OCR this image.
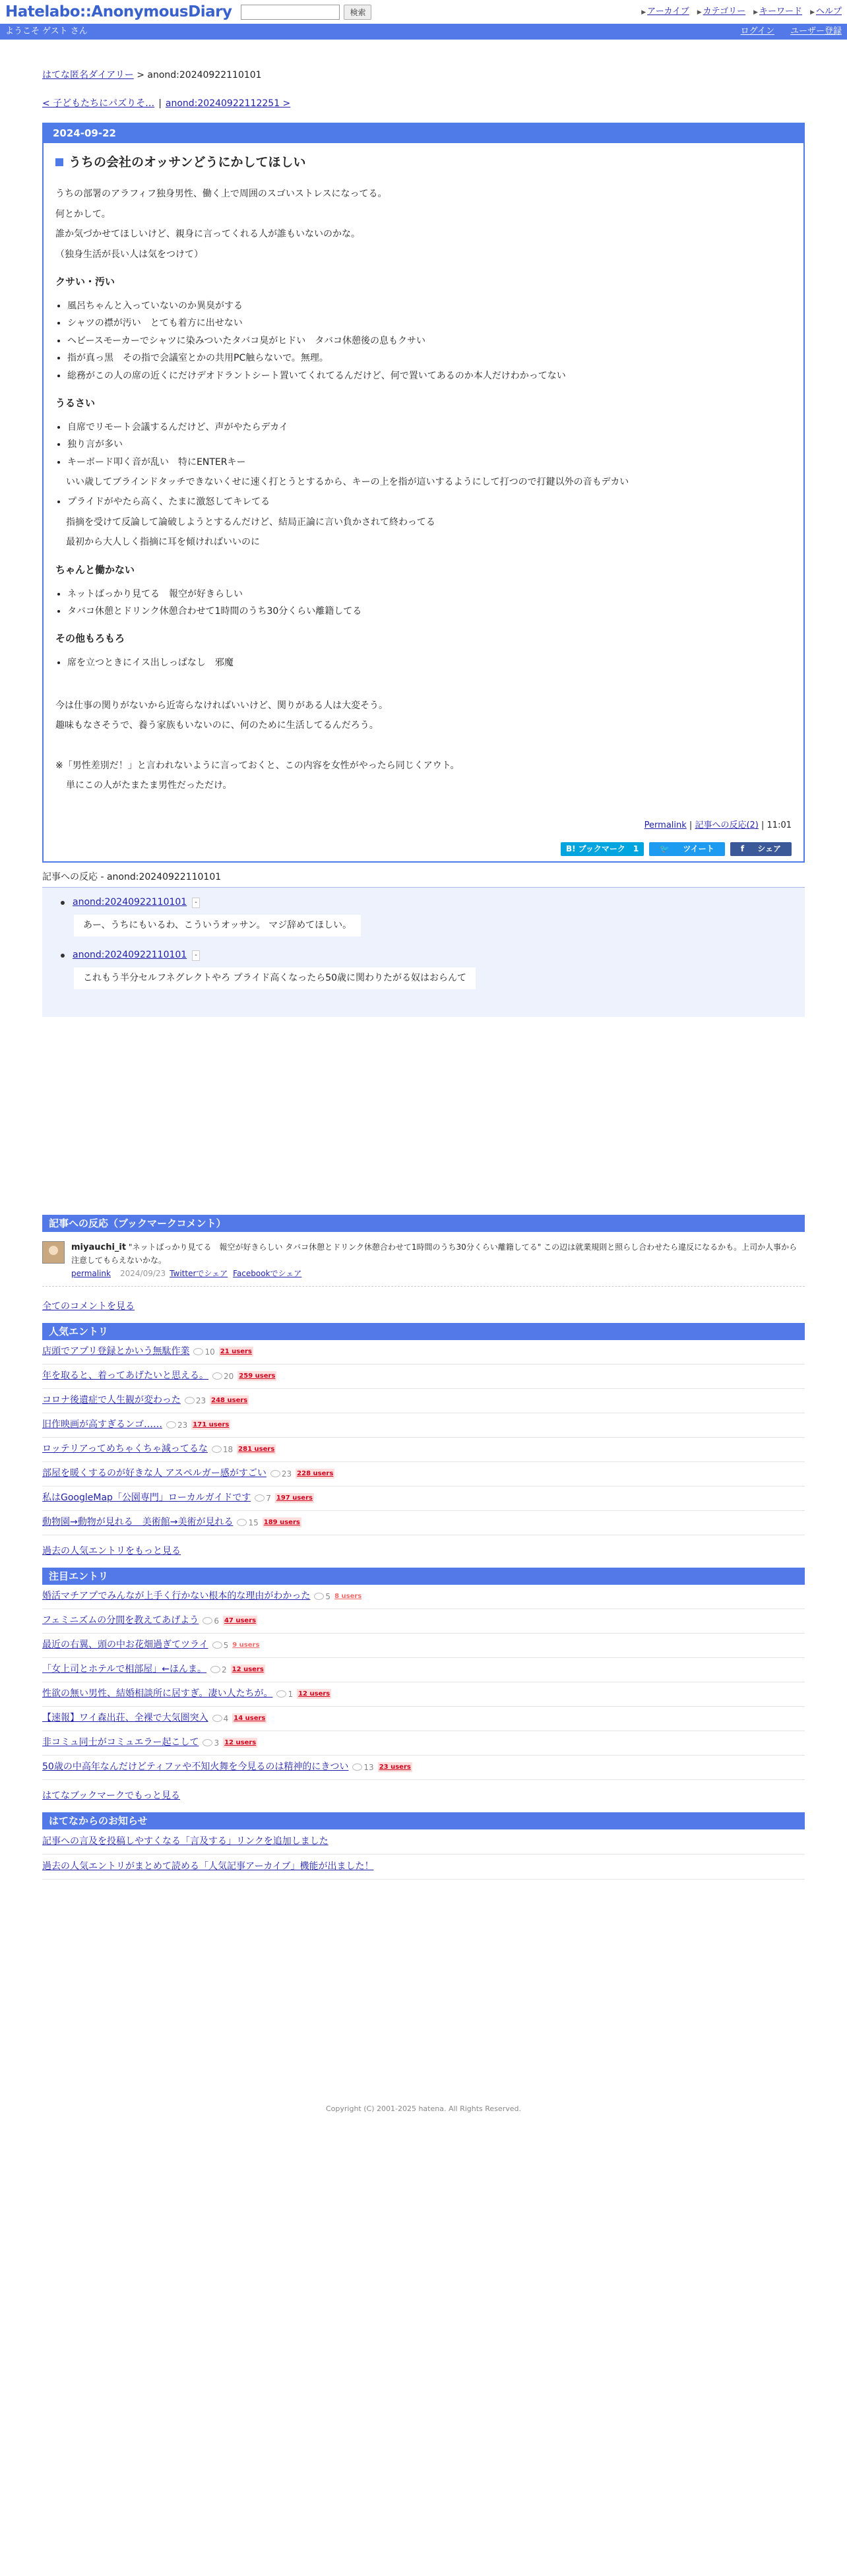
Hatelabo::AnonymousDiary	検索	▶ アーカイブ ▶ カテゴリー ▶ キーワード ▶ ヘルプ
ようこそ ゲスト さん	ログイン ユーザー登録
はてな匿名ダイアリー > anond:20240922110101
< 子どもたちにパズりそ… | anond:20240922112251 >
2024-09-22
うちの会社のオッサンどうにかしてほしい

うちの部署のアラフィフ独身男性、働く上で周囲のスゴいストレスになってる。

何とかして。

誰か気づかせてほしいけど、親身に言ってくれる人が誰もいないのかな。

（独身生活が長い人は気をつけて）

クサい・汚い
• 風呂ちゃんと入っていないのか異臭がする
• シャツの襟が汚い　とても着方に出せない
• ヘビースモーカーでシャツに染みついたタバコ臭がヒドい　タバコ休憩後の息もクサい
• 指が真っ黒　その指で会議室とかの共用PC触らないで。無理。
• 総務がこの人の席の近くにだけデオドラントシート置いてくれてるんだけど、何で置いてあるのか本人だけわかってない
うるさい
• 自席でリモート会議するんだけど、声がやたらデカイ
• 独り言が多い
• キーボード叩く音が乱い　特にENTERキー

いい歳してブラインドタッチできないくせに速く打とうとするから、キーの上を指が這いするようにして打つので打鍵以外の音もデカい

• プライドがやたら高く、たまに激怒してキレてる

指摘を受けて反論して論破しようとするんだけど、結局正論に言い負かされて終わってる

最初から大人しく指摘に耳を傾ければいいのに

ちゃんと働かない
• ネットばっかり見てる　報空が好きらしい
• タバコ休憩とドリンク休憩合わせて1時間のうち30分くらい離籍してる
その他もろもろ
• 席を立つときにイス出しっぱなし　邪魔

今は仕事の関りがないから近寄らなければいいけど、関りがある人は大変そう。

趣味もなさそうで、養う家族もいないのに、何のために生活してるんだろう。

※「男性差別だ！」と言われないように言っておくと、この内容を女性がやったら同じくアウト。

単にこの人がたまたま男性だっただけ。

Permalink | 記事への反応(2) | 11:01
B! ブックマーク　1	🐦 ツイート	f シェア
記事への反応 - anond:20240922110101
anond:20240922110101	-
あー、うちにもいるわ、こういうオッサン。 マジ辞めてほしい。
anond:20240922110101	-
これもう半分セルフネグレクトやろ プライド高くなったら50歳に関わりたがる奴はおらんて
記事への反応（ブックマークコメント）
miyauchi_it "ネットばっかり見てる　報空が好きらしい タバコ休憩とドリンク休憩合わせて1時間のうち30分くらい離籍してる" この辺は就業規則と照らし合わせたら違反になるかも。上司か人事から注意してもらえないかな。
permalink 2024/09/23 Twitterでシェア Facebookでシェア
全てのコメントを見る
人気エントリ
店頭でアプリ登録とかいう無駄作業 10 21 users
年を取ると、着ってあげたいと思える。 20 259 users
コロナ後遺症で人生観が変わった 23 248 users
旧作映画が高すぎるンゴ…… 23 171 users
ロッテリアってめちゃくちゃ減ってるな 18 281 users
部屋を暖くするのが好きな人 アスペルガー感がすごい 23 228 users
私はGoogleMap「公園専門」ローカルガイドです 7 197 users
動物園→動物が見れる　美術館→美術が見れる 15 189 users
過去の人気エントリをもっと見る
注目エントリ
婚活マチアプでみんなが上手く行かない根本的な理由がわかった 5 8 users
フェミニズムの分間を教えてあげよう 6 47 users
最近の右翼、頭の中お花畑過ぎてツライ 5 9 users
「女上司とホテルで相部屋」←ほんま。 2 12 users
性欲の無い男性、結婚相談所に居すぎ。凄い人たちが。 1 12 users
【速報】ワイ森出荘、全裸で大気圏突入 4 14 users
非コミュ同士がコミュエラー起こして 3 12 users
50歳の中高年なんだけどティファや不知火舞を今見るのは精神的にきつい 13 23 users
はてなブックマークでもっと見る
はてなからのお知らせ
記事への言及を投稿しやすくなる「言及する」リンクを追加しました
過去の人気エントリがまとめて読める「人気記事アーカイブ」機能が出ました！
Copyright (C) 2001-2025 hatena. All Rights Reserved.
